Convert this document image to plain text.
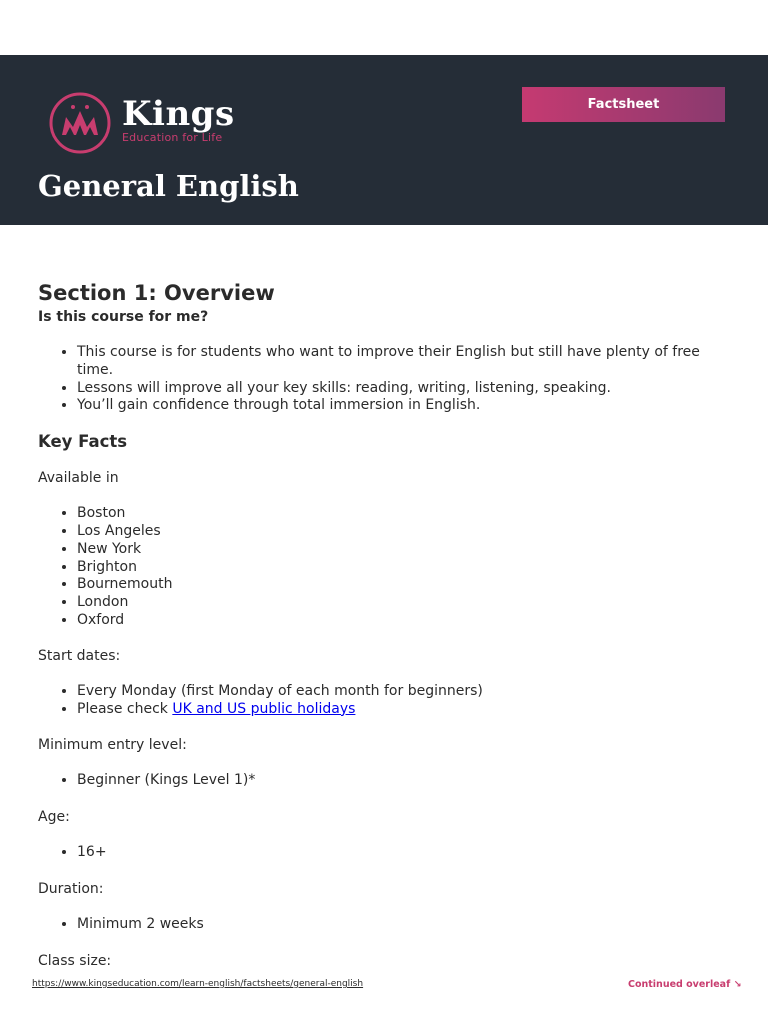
Kings
Education for Life
Factsheet
General English
Section 1: Overview

Is this course for me?

• This course is for students who want to improve their English but still have plenty of free time.
• Lessons will improve all your key skills: reading, writing, listening, speaking.
• You’ll gain confidence through total immersion in English.
Key Facts

Available in

• Boston
• Los Angeles
• New York
• Brighton
• Bournemouth
• London
• Oxford

Start dates:

• Every Monday (first Monday of each month for beginners)
• Please check UK and US public holidays

Minimum entry level:

• Beginner (Kings Level 1)*

Age:

• 16+

Duration:

• Minimum 2 weeks

Class size:

https://www.kingseducation.com/learn-english/factsheets/general-english	Continued overleaf ↘
